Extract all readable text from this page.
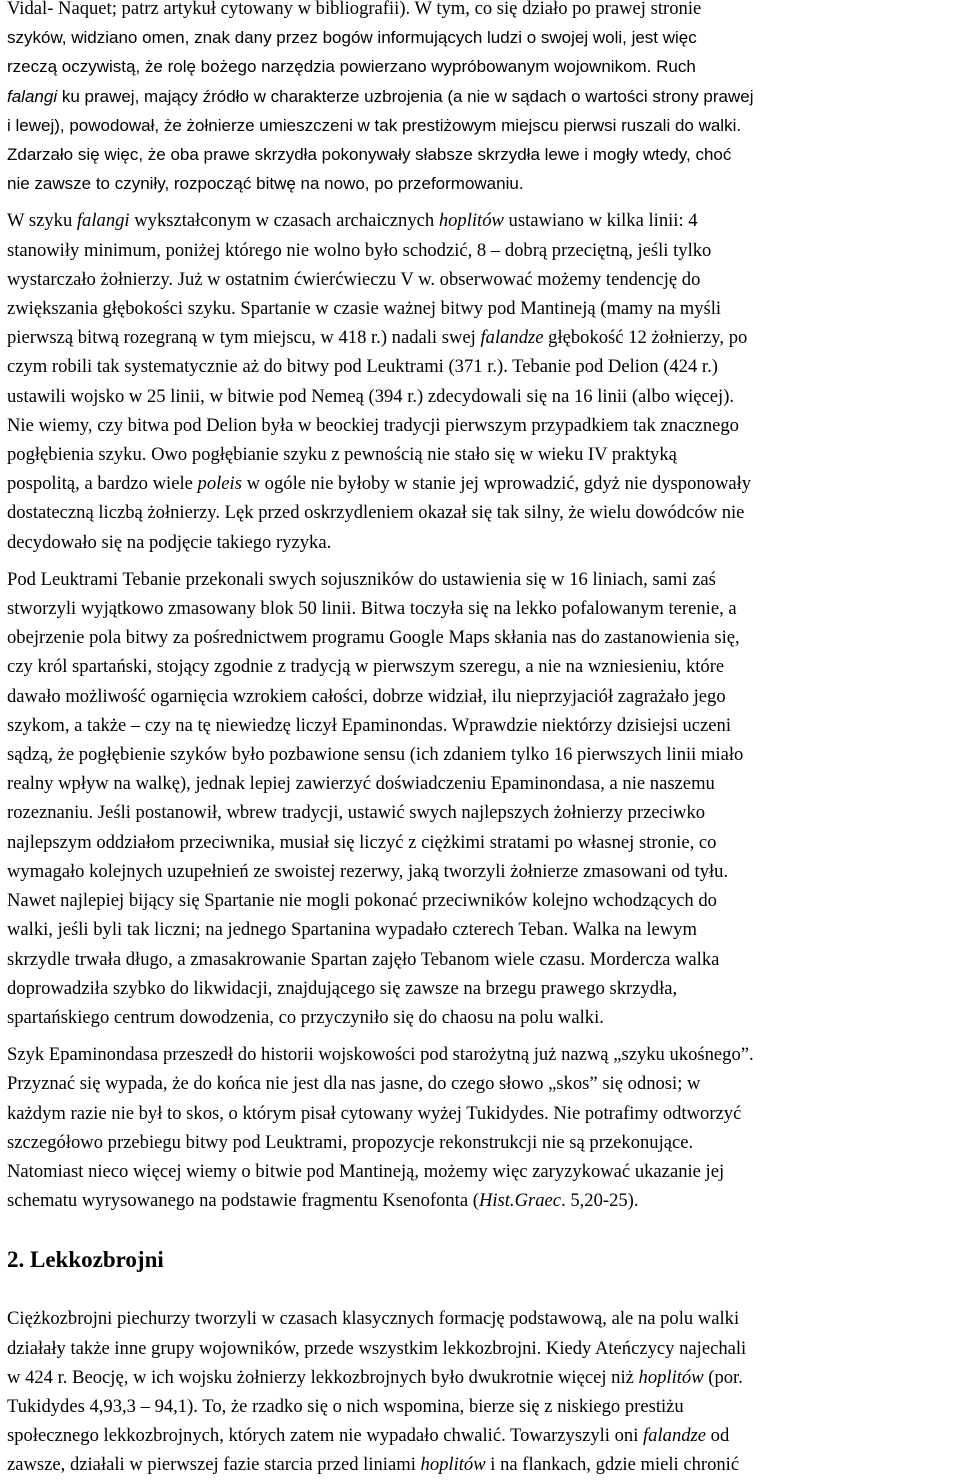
Vidal- Naquet; patrz artykuł cytowany w bibliografii). W tym, co się działo po prawej stronie
szyków, widziano omen, znak dany przez bogów informujących ludzi o swojej woli, jest więc
rzeczą oczywistą, że rolę bożego narzędzia powierzano wypróbowanym wojownikom. Ruch
falangi ku prawej, mający źródło w charakterze uzbrojenia (a nie w sądach o wartości strony prawej
i lewej), powodował, że żołnierze umieszczeni w tak prestiżowym miejscu pierwsi ruszali do walki.
Zdarzało się więc, że oba prawe skrzydła pokonywały słabsze skrzydła lewe i mogły wtedy, choć
nie zawsze to czyniły, rozpocząć bitwę na nowo, po przeformowaniu.

W szyku falangi wykształconym w czasach archaicznych hoplitów ustawiano w kilka linii: 4
stanowiły minimum, poniżej którego nie wolno było schodzić, 8 – dobrą przeciętną, jeśli tylko
wystarczało żołnierzy. Już w ostatnim ćwierćwieczu V w. obserwować możemy tendencję do
zwiększania głębokości szyku. Spartanie w czasie ważnej bitwy pod Mantineją (mamy na myśli
pierwszą bitwą rozegraną w tym miejscu, w 418 r.) nadali swej falandze głębokość 12 żołnierzy, po
czym robili tak systematycznie aż do bitwy pod Leuktrami (371 r.). Tebanie pod Delion (424 r.)
ustawili wojsko w 25 linii, w bitwie pod Nemeą (394 r.) zdecydowali się na 16 linii (albo więcej).
Nie wiemy, czy bitwa pod Delion była w beockiej tradycji pierwszym przypadkiem tak znacznego
pogłębienia szyku. Owo pogłębianie szyku z pewnością nie stało się w wieku IV praktyką
pospolitą, a bardzo wiele poleis w ogóle nie byłoby w stanie jej wprowadzić, gdyż nie dysponowały
dostateczną liczbą żołnierzy. Lęk przed oskrzydleniem okazał się tak silny, że wielu dowódców nie
decydowało się na podjęcie takiego ryzyka.

Pod Leuktrami Tebanie przekonali swych sojuszników do ustawienia się w 16 liniach, sami zaś
stworzyli wyjątkowo zmasowany blok 50 linii. Bitwa toczyła się na lekko pofalowanym terenie, a
obejrzenie pola bitwy za pośrednictwem programu Google Maps skłania nas do zastanowienia się,
czy król spartański, stojący zgodnie z tradycją w pierwszym szeregu, a nie na wzniesieniu, które
dawało możliwość ogarnięcia wzrokiem całości, dobrze widział, ilu nieprzyjaciół zagrażało jego
szykom, a także – czy na tę niewiedzę liczył Epaminondas. Wprawdzie niektórzy dzisiejsi uczeni
sądzą, że pogłębienie szyków było pozbawione sensu (ich zdaniem tylko 16 pierwszych linii miało
realny wpływ na walkę), jednak lepiej zawierzyć doświadczeniu Epaminondasa, a nie naszemu
rozeznaniu. Jeśli postanowił, wbrew tradycji, ustawić swych najlepszych żołnierzy przeciwko
najlepszym oddziałom przeciwnika, musiał się liczyć z ciężkimi stratami po własnej stronie, co
wymagało kolejnych uzupełnień ze swoistej rezerwy, jaką tworzyli żołnierze zmasowani od tyłu.
Nawet najlepiej bijący się Spartanie nie mogli pokonać przeciwników kolejno wchodzących do
walki, jeśli byli tak liczni; na jednego Spartanina wypadało czterech Teban. Walka na lewym
skrzydle trwała długo, a zmasakrowanie Spartan zajęło Tebanom wiele czasu. Mordercza walka
doprowadziła szybko do likwidacji, znajdującego się zawsze na brzegu prawego skrzydła,
spartańskiego centrum dowodzenia, co przyczyniło się do chaosu na polu walki.

Szyk Epaminondasa przeszedł do historii wojskowości pod starożytną już nazwą „szyku ukośnego”.
Przyznać się wypada, że do końca nie jest dla nas jasne, do czego słowo „skos” się odnosi; w
każdym razie nie był to skos, o którym pisał cytowany wyżej Tukidydes. Nie potrafimy odtworzyć
szczegółowo przebiegu bitwy pod Leuktrami, propozycje rekonstrukcji nie są przekonujące.
Natomiast nieco więcej wiemy o bitwie pod Mantineją, możemy więc zaryzykować ukazanie jej
schematu wyrysowanego na podstawie fragmentu Ksenofonta (Hist.Graec. 5,20-25).

2. Lekkozbrojni

Ciężkozbrojni piechurzy tworzyli w czasach klasycznych formację podstawową, ale na polu walki
działały także inne grupy wojowników, przede wszystkim lekkozbrojni. Kiedy Ateńczycy najechali
w 424 r. Beocję, w ich wojsku żołnierzy lekkozbrojnych było dwukrotnie więcej niż hoplitów (por.
Tukidydes 4,93,3 – 94,1). To, że rzadko się o nich wspomina, bierze się z niskiego prestiżu
społecznego lekkozbrojnych, których zatem nie wypadało chwalić. Towarzyszyli oni falandze od
zawsze, działali w pierwszej fazie starcia przed liniami hoplitów i na flankach, gdzie mieli chronić
